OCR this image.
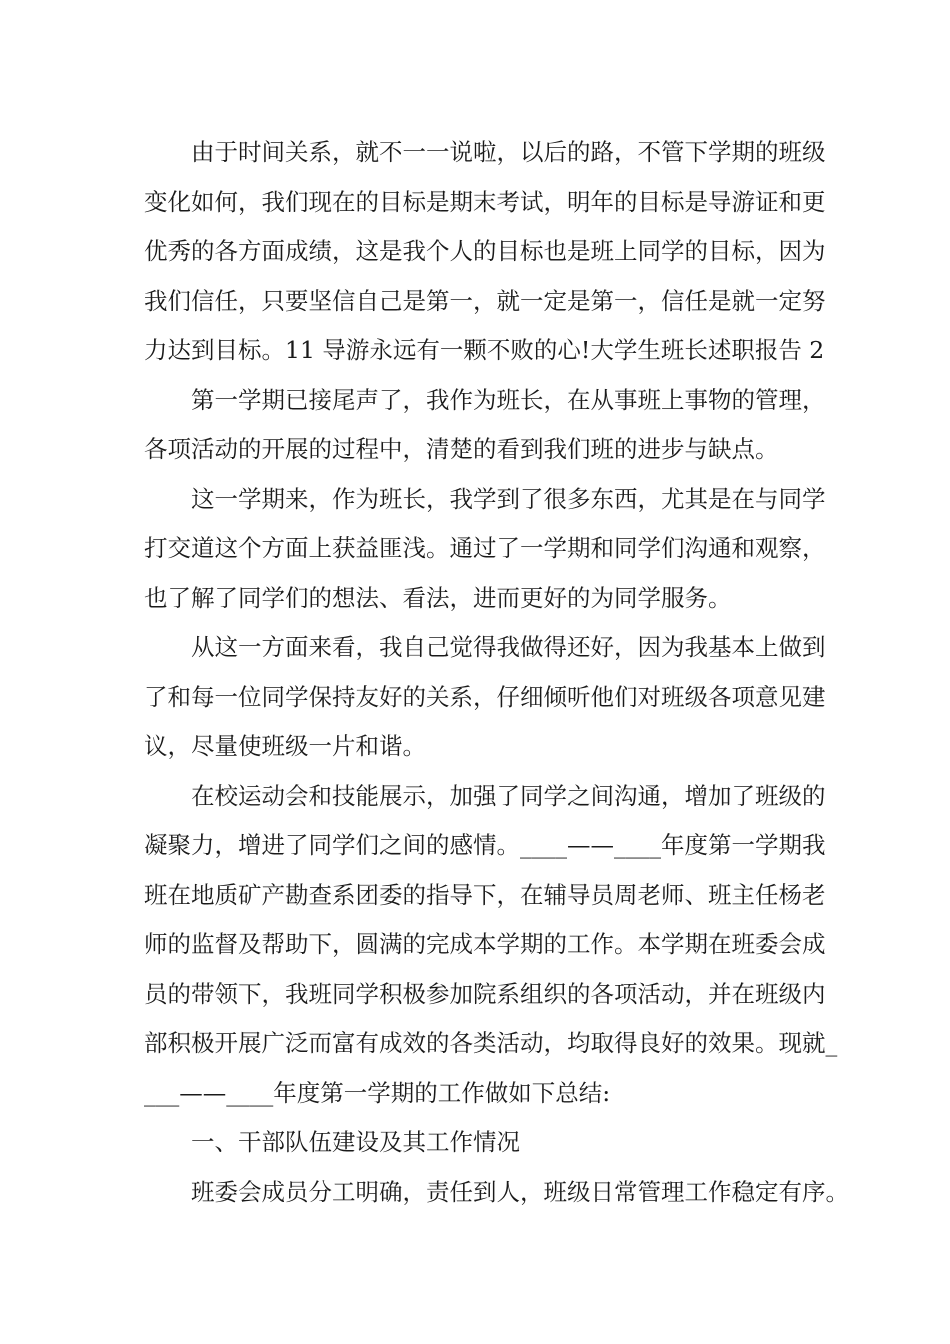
由于时间关系，就不一一说啦，以后的路，不管下学期的班级
变化如何，我们现在的目标是期末考试，明年的目标是导游证和更
优秀的各方面成绩，这是我个人的目标也是班上同学的目标，因为
我们信任，只要坚信自己是第一，就一定是第一，信任是就一定努
力达到目标。11 导游永远有一颗不败的心!大学生班长述职报告 2
第一学期已接尾声了，我作为班长，在从事班上事物的管理，
各项活动的开展的过程中，清楚的看到我们班的进步与缺点。
这一学期来，作为班长，我学到了很多东西，尤其是在与同学
打交道这个方面上获益匪浅。通过了一学期和同学们沟通和观察，
也了解了同学们的想法、看法，进而更好的为同学服务。
从这一方面来看，我自己觉得我做得还好，因为我基本上做到
了和每一位同学保持友好的关系，仔细倾听他们对班级各项意见建
议，尽量使班级一片和谐。
在校运动会和技能展示，加强了同学之间沟通，增加了班级的
凝聚力，增进了同学们之间的感情。____——____年度第一学期我
班在地质矿产勘查系团委的指导下，在辅导员周老师、班主任杨老
师的监督及帮助下，圆满的完成本学期的工作。本学期在班委会成
员的带领下，我班同学积极参加院系组织的各项活动，并在班级内
部积极开展广泛而富有成效的各类活动，均取得良好的效果。现就_
___——____年度第一学期的工作做如下总结:
一、干部队伍建设及其工作情况
班委会成员分工明确，责任到人，班级日常管理工作稳定有序。
